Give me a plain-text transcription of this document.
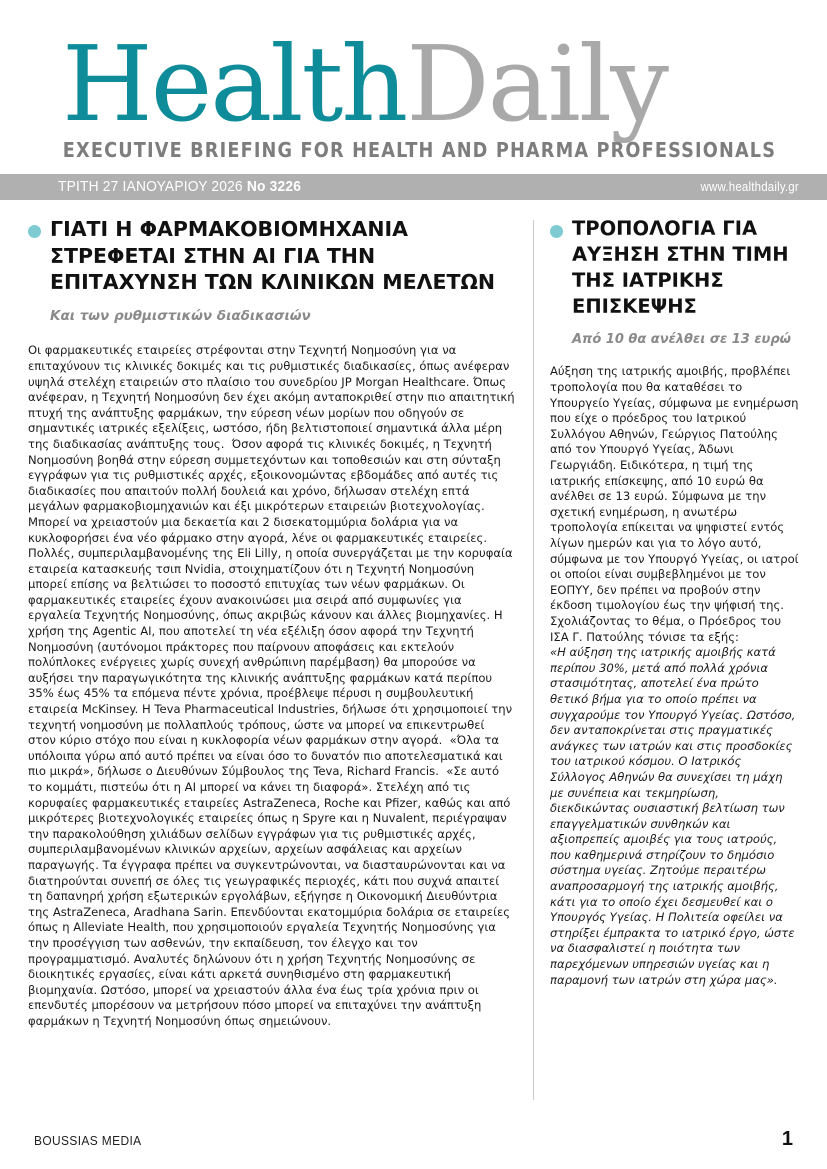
HealthDaily
EXECUTIVE BRIEFING FOR HEALTH AND PHARMA PROFESSIONALS
ΤΡΙΤΗ 27 ΙΑΝΟΥΑΡΙΟΥ 2026 No 3226	www.healthdaily.gr
ΓΙΑΤΙ Η ΦΑΡΜΑΚΟΒΙΟΜΗΧΑΝΙΑ ΣΤΡΕΦΕΤΑΙ ΣΤΗΝ ΑΙ ΓΙΑ ΤΗΝ ΕΠΙΤΑΧΥΝΣΗ ΤΩΝ ΚΛΙΝΙΚΩΝ ΜΕΛΕΤΩΝ
Και των ρυθμιστικών διαδικασιών
Οι φαρμακευτικές εταιρείες στρέφονται στην Τεχνητή Νοημοσύνη για να επιταχύνουν τις κλινικές δοκιμές και τις ρυθμιστικές διαδικασίες, όπως ανέφεραν υψηλά στελέχη εταιρειών στο πλαίσιο του συνεδρίου JP Morgan Healthcare. Όπως ανέφεραν, η Τεχνητή Νοημοσύνη δεν έχει ακόμη ανταποκριθεί στην πιο απαιτητική πτυχή της ανάπτυξης φαρμάκων, την εύρεση νέων μορίων που οδηγούν σε σημαντικές ιατρικές εξελίξεις, ωστόσο, ήδη βελτιστοποιεί σημαντικά άλλα μέρη της διαδικασίας ανάπτυξης τους.  Όσον αφορά τις κλινικές δοκιμές, η Τεχνητή Νοημοσύνη βοηθά στην εύρεση συμμετεχόντων και τοποθεσιών και στη σύνταξη εγγράφων για τις ρυθμιστικές αρχές, εξοικονομώντας εβδομάδες από αυτές τις διαδικασίες που απαιτούν πολλή δουλειά και χρόνο, δήλωσαν στελέχη επτά μεγάλων φαρμακοβιομηχανιών και έξι μικρότερων εταιρειών βιοτεχνολογίας. Μπορεί να χρειαστούν μια δεκαετία και 2 δισεκατομμύρια δολάρια για να κυκλοφορήσει ένα νέο φάρμακο στην αγορά, λένε οι φαρμακευτικές εταιρείες. Πολλές, συμπεριλαμβανομένης της Eli Lilly, η οποία συνεργάζεται με την κορυφαία εταιρεία κατασκευής τσιπ Nvidia, στοιχηματίζουν ότι η Τεχνητή Νοημοσύνη μπορεί επίσης να βελτιώσει το ποσοστό επιτυχίας των νέων φαρμάκων. Οι φαρμακευτικές εταιρείες έχουν ανακοινώσει μια σειρά από συμφωνίες για εργαλεία Τεχνητής Νοημοσύνης, όπως ακριβώς κάνουν και άλλες βιομηχανίες. Η χρήση της Agentic AI, που αποτελεί τη νέα εξέλιξη όσον αφορά την Τεχνητή Νοημοσύνη (αυτόνομοι πράκτορες που παίρνουν αποφάσεις και εκτελούν πολύπλοκες ενέργειες χωρίς συνεχή ανθρώπινη παρέμβαση) θα μπορούσε να αυξήσει την παραγωγικότητα της κλινικής ανάπτυξης φαρμάκων κατά περίπου 35% έως 45% τα επόμενα πέντε χρόνια, προέβλεψε πέρυσι η συμβουλευτική εταιρεία McKinsey. Η Teva Pharmaceutical Industries, δήλωσε ότι χρησιμοποιεί την τεχνητή νοημοσύνη με πολλαπλούς τρόπους, ώστε να μπορεί να επικεντρωθεί στον κύριο στόχο που είναι η κυκλοφορία νέων φαρμάκων στην αγορά.  «Όλα τα υπόλοιπα γύρω από αυτό πρέπει να είναι όσο το δυνατόν πιο αποτελεσματικά και πιο μικρά», δήλωσε ο Διευθύνων Σύμβουλος της Teva, Richard Francis.  «Σε αυτό το κομμάτι, πιστεύω ότι η AI μπορεί να κάνει τη διαφορά». Στελέχη από τις κορυφαίες φαρμακευτικές εταιρείες AstraZeneca, Roche και Pfizer, καθώς και από μικρότερες βιοτεχνολογικές εταιρείες όπως η Spyre και η Nuvalent, περιέγραψαν την παρακολούθηση χιλιάδων σελίδων εγγράφων για τις ρυθμιστικές αρχές, συμπεριλαμβανομένων κλινικών αρχείων, αρχείων ασφάλειας και αρχείων παραγωγής. Τα έγγραφα πρέπει να συγκεντρώνονται, να διασταυρώνονται και να διατηρούνται συνεπή σε όλες τις γεωγραφικές περιοχές, κάτι που συχνά απαιτεί τη δαπανηρή χρήση εξωτερικών εργολάβων, εξήγησε η Οικονομική Διευθύντρια της AstraZeneca, Aradhana Sarin. Επενδύονται εκατομμύρια δολάρια σε εταιρείες όπως η Alleviate Health, που χρησιμοποιούν εργαλεία Τεχνητής Νοημοσύνης για την προσέγγιση των ασθενών, την εκπαίδευση, τον έλεγχο και τον προγραμματισμό. Αναλυτές δηλώνουν ότι η χρήση Τεχνητής Νοημοσύνης σε διοικητικές εργασίες, είναι κάτι αρκετά συνηθισμένο στη φαρμακευτική βιομηχανία. Ωστόσο, μπορεί να χρειαστούν άλλα ένα έως τρία χρόνια πριν οι επενδυτές μπορέσουν να μετρήσουν πόσο μπορεί να επιταχύνει την ανάπτυξη φαρμάκων η Τεχνητή Νοημοσύνη όπως σημειώνουν.
ΤΡΟΠΟΛΟΓΙΑ ΓΙΑ ΑΥΞΗΣΗ ΣΤΗΝ ΤΙΜΗ ΤΗΣ ΙΑΤΡΙΚΗΣ ΕΠΙΣΚΕΨΗΣ
Από 10 θα ανέλθει σε 13 ευρώ
Αύξηση της ιατρικής αμοιβής, προβλέπει τροπολογία που θα καταθέσει το Υπουργείο Υγείας, σύμφωνα με ενημέρωση που είχε ο πρόεδρος του Ιατρικού Συλλόγου Αθηνών, Γεώργιος Πατούλης από τον Υπουργό Υγείας, Άδωνι Γεωργιάδη. Ειδικότερα, η τιμή της ιατρικής επίσκεψης, από 10 ευρώ θα ανέλθει σε 13 ευρώ. Σύμφωνα με την σχετική ενημέρωση, η ανωτέρω τροπολογία επίκειται να ψηφιστεί εντός λίγων ημερών και για το λόγο αυτό, σύμφωνα με τον Υπουργό Υγείας, οι ιατροί οι οποίοι είναι συμβεβλημένοι με τον ΕΟΠΥΥ, δεν πρέπει να προβούν στην έκδοση τιμολογίου έως την ψήφισή της. Σχολιάζοντας το θέμα, ο Πρόεδρος του ΙΣΑ Γ. Πατούλης τόνισε τα εξής:
«Η αύξηση της ιατρικής αμοιβής κατά περίπου 30%, μετά από πολλά χρόνια στασιμότητας, αποτελεί ένα πρώτο θετικό βήμα για το οποίο πρέπει να συγχαρούμε τον Υπουργό Υγείας. Ωστόσο, δεν ανταποκρίνεται στις πραγματικές ανάγκες των ιατρών και στις προσδοκίες του ιατρικού κόσμου. Ο Ιατρικός Σύλλογος Αθηνών θα συνεχίσει τη μάχη με συνέπεια και τεκμηρίωση, διεκδικώντας ουσιαστική βελτίωση των επαγγελματικών συνθηκών και αξιοπρεπείς αμοιβές για τους ιατρούς, που καθημερινά στηρίζουν το δημόσιο σύστημα υγείας. Ζητούμε περαιτέρω αναπροσαρμογή της ιατρικής αμοιβής, κάτι για το οποίο έχει δεσμευθεί και ο Υπουργός Υγείας. Η Πολιτεία οφείλει να στηρίξει έμπρακτα το ιατρικό έργο, ώστε να διασφαλιστεί η ποιότητα των παρεχόμενων υπηρεσιών υγείας και η παραμονή των ιατρών στη χώρα μας».
BOUSSIAS MEDIA	1
